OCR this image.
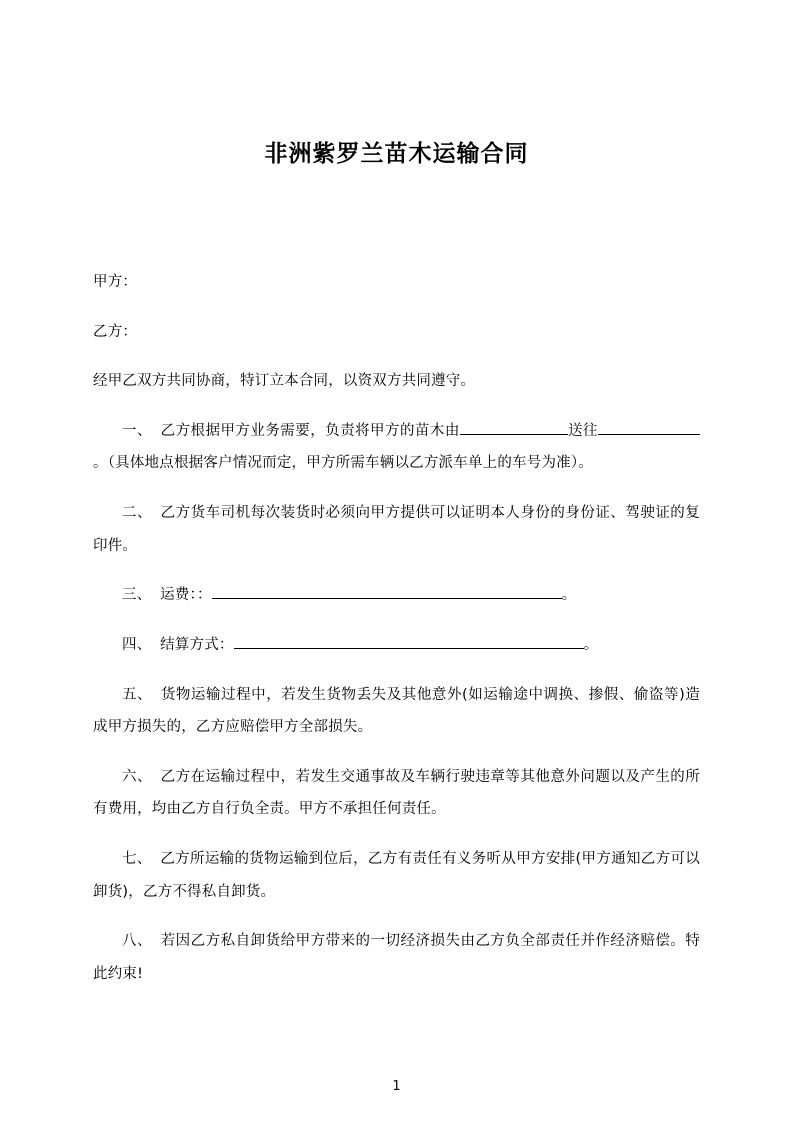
非洲紫罗兰苗木运输合同

甲方：

乙方：

经甲乙双方共同协商，特订立本合同，以资双方共同遵守。

一、 乙方根据甲方业务需要，负责将甲方的苗木由	送往。（具体地点根据客户情况而定，甲方所需车辆以乙方派车单上的车号为准）。

二、 乙方货车司机每次装货时必须向甲方提供可以证明本人身份的身份证、驾驶证的复印件。

三、 运费：：	。

四、 结算方式：	。

五、 货物运输过程中，若发生货物丢失及其他意外(如运输途中调换、掺假、偷盗等)造成甲方损失的，乙方应赔偿甲方全部损失。

六、 乙方在运输过程中，若发生交通事故及车辆行驶违章等其他意外问题以及产生的所有费用，均由乙方自行负全责。甲方不承担任何责任。

七、 乙方所运输的货物运输到位后，乙方有责任有义务听从甲方安排(甲方通知乙方可以卸货)，乙方不得私自卸货。

八、 若因乙方私自卸货给甲方带来的一切经济损失由乙方负全部责任并作经济赔偿。特此约束!

1
